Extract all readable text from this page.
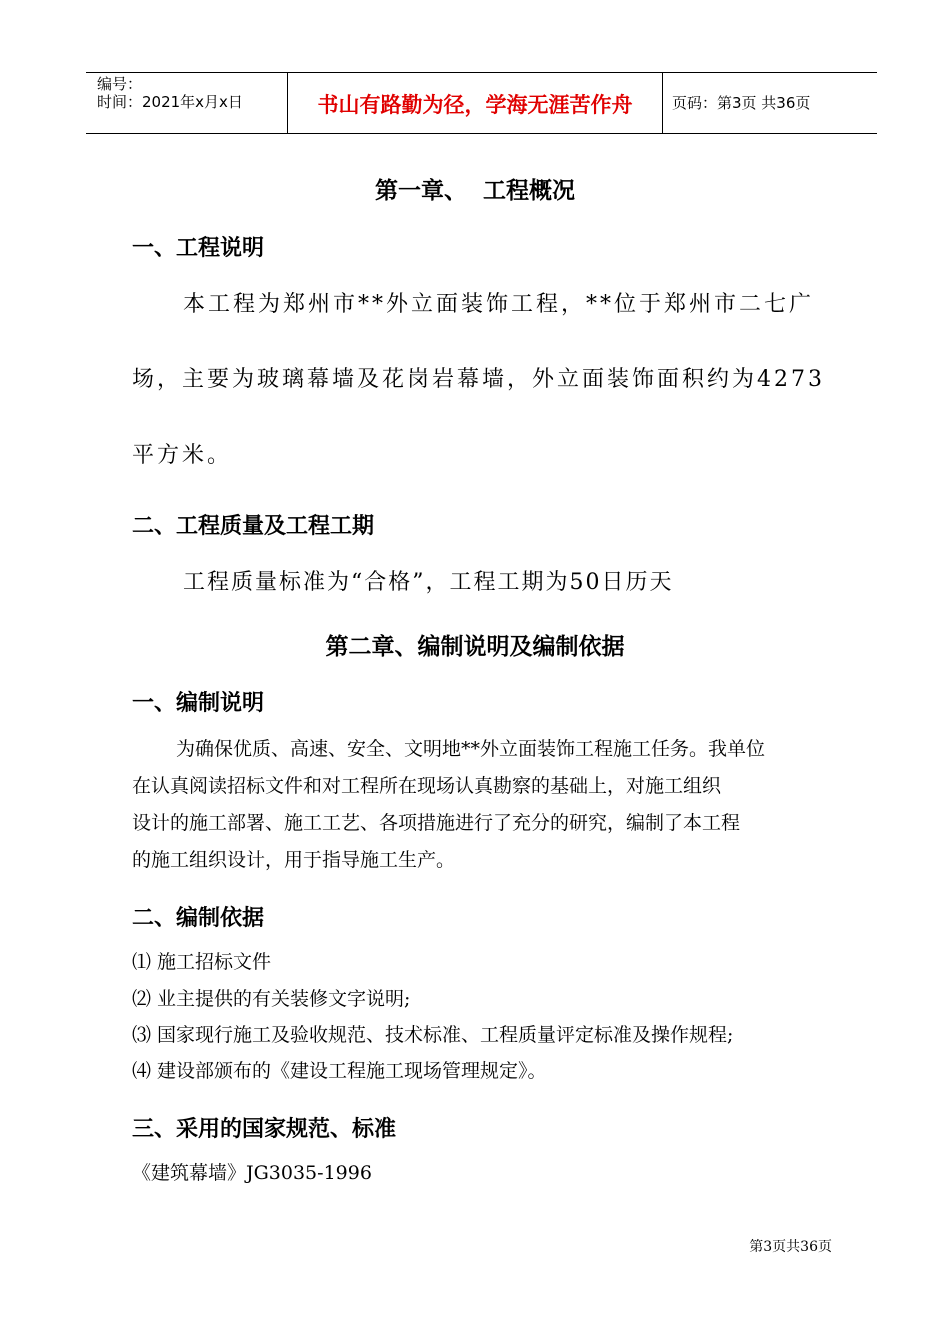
编号：
时间：2021年x月x日	书山有路勤为径，学海无涯苦作舟	页码：第3页 共36页
第一章、  工程概况
一、工程说明
本工程为郑州市**外立面装饰工程，**位于郑州市二七广
场，主要为玻璃幕墙及花岗岩幕墙，外立面装饰面积约为4273
平方米。
二、工程质量及工程工期
工程质量标准为“合格”，工程工期为50日历天
第二章、编制说明及编制依据
一、编制说明
为确保优质、高速、安全、文明地**外立面装饰工程施工任务。我单位
在认真阅读招标文件和对工程所在现场认真勘察的基础上，对施工组织
设计的施工部署、施工工艺、各项措施进行了充分的研究，编制了本工程
的施工组织设计，用于指导施工生产。
二、编制依据
⑴ 施工招标文件
⑵ 业主提供的有关装修文字说明;
⑶ 国家现行施工及验收规范、技术标准、工程质量评定标准及操作规程;
⑷ 建设部颁布的《建设工程施工现场管理规定》。
三、采用的国家规范、标准
《建筑幕墙》JG3035-1996
第3页共36页
